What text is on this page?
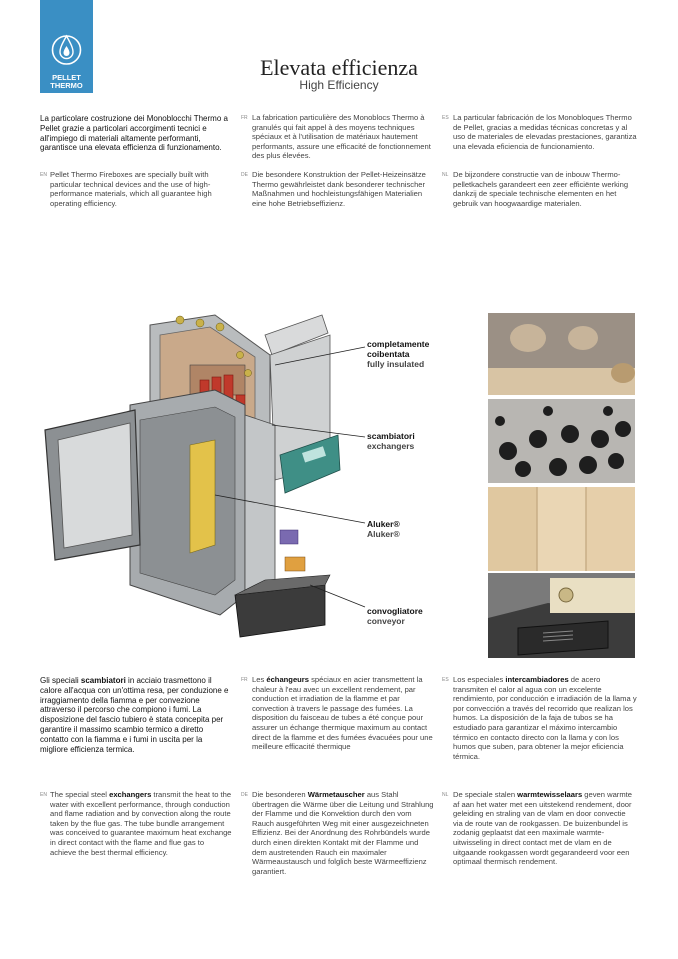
PELLET
THERMO
Elevata efficienza
High Efficiency
La particolare costruzione dei Monoblocchi Thermo a Pellet grazie a particolari accorgimenti tecnici e all'impiego di materiali altamente performanti, garantisce una elevata efficienza di funzionamento.
EN Pellet Thermo Fireboxes are specially built with particular technical devices and the use of high-performance materials, which all guarantee high operating efficiency.
FR La fabrication particulière des Monoblocs Thermo à granulés qui fait appel à des moyens techniques spéciaux et à l'utilisation de matériaux hautement performants, assure une efficacité de fonctionnement des plus élevées.
DE Die besondere Konstruktion der Pellet-Heizeinsätze Thermo gewährleistet dank besonderer technischer Maßnahmen und hochleistungsfähigen Materialien eine hohe Betriebseffizienz.
ES La particular fabricación de los Monobloques Thermo de Pellet, gracias a medidas técnicas concretas y al uso de materiales de elevadas prestaciones, garantiza una elevada eficiencia de funcionamiento.
NL De bijzondere constructie van de inbouw Thermo-pelletkachels garandeert een zeer efficiënte werking dankzij de speciale technische elementen en het gebruik van hoogwaardige materialen.
completamente coibentata
fully insulated
scambiatori
exchangers
Aluker®
Aluker®
convogliatore
conveyor
Gli speciali scambiatori in acciaio trasmettono il calore all'acqua con un'ottima resa, per conduzione e irraggiamento della fiamma e per convezione attraverso il percorso che compiono i fumi. La disposizione del fascio tubiero è stata concepita per garantire il massimo scambio termico a diretto contatto con la fiamma e i fumi in uscita per la migliore efficienza termica.
EN The special steel exchangers transmit the heat to the water with excellent performance, through conduction and flame radiation and by convection along the route taken by the flue gas. The tube bundle arrangement was conceived to guarantee maximum heat exchange in direct contact with the flame and flue gas to achieve the best thermal efficiency.
FR Les échangeurs spéciaux en acier transmettent la chaleur à l'eau avec un excellent rendement, par conduction et irradiation de la flamme et par convection à travers le passage des fumées. La disposition du faisceau de tubes a été conçue pour assurer un échange thermique maximum au contact direct de la flamme et des fumées évacuées pour une meilleure efficacité thermique
DE Die besonderen Wärmetauscher aus Stahl übertragen die Wärme über die Leitung und Strahlung der Flamme und die Konvektion durch den vom Rauch ausgeführten Weg mit einer ausgezeichneten Effizienz. Bei der Anordnung des Rohrbündels wurde durch einen direkten Kontakt mit der Flamme und dem austretenden Rauch ein maximaler Wärmeaustausch und folglich beste Wärmeeffizienz garantiert.
ES Los especiales intercambiadores de acero transmiten el calor al agua con un excelente rendimiento, por conducción e irradiación de la llama y por convección a través del recorrido que realizan los humos. La disposición de la faja de tubos se ha estudiado para garantizar el máximo intercambio térmico en contacto directo con la llama y con los humos que suben, para obtener la mejor eficiencia térmica.
NL De speciale stalen warmtewisselaars geven warmte af aan het water met een uitstekend rendement, door geleiding en straling van de vlam en door convectie via de route van de rookgassen. De buizenbundel is zodanig geplaatst dat een maximale warmte-uitwisseling in direct contact met de vlam en de uitgaande rookgassen wordt gegarandeerd voor een optimaal thermisch rendement.
